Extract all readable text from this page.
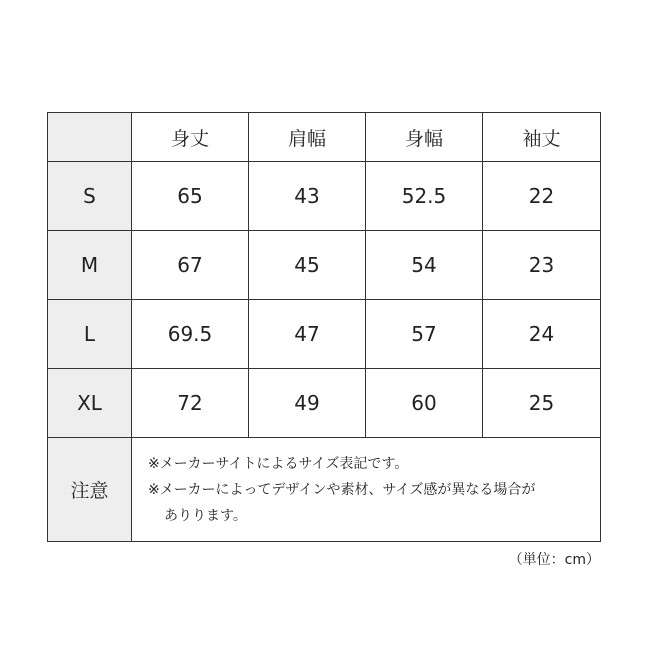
	身丈	肩幅	身幅	袖丈
S	65	43	52.5	22
M	67	45	54	23
L	69.5	47	57	24
XL	72	49	60	25
注意	※メーカーサイトによるサイズ表記です。
※メーカーによってデザインや素材、サイズ感が異なる場合が
ありります。			
（単位：cm）
